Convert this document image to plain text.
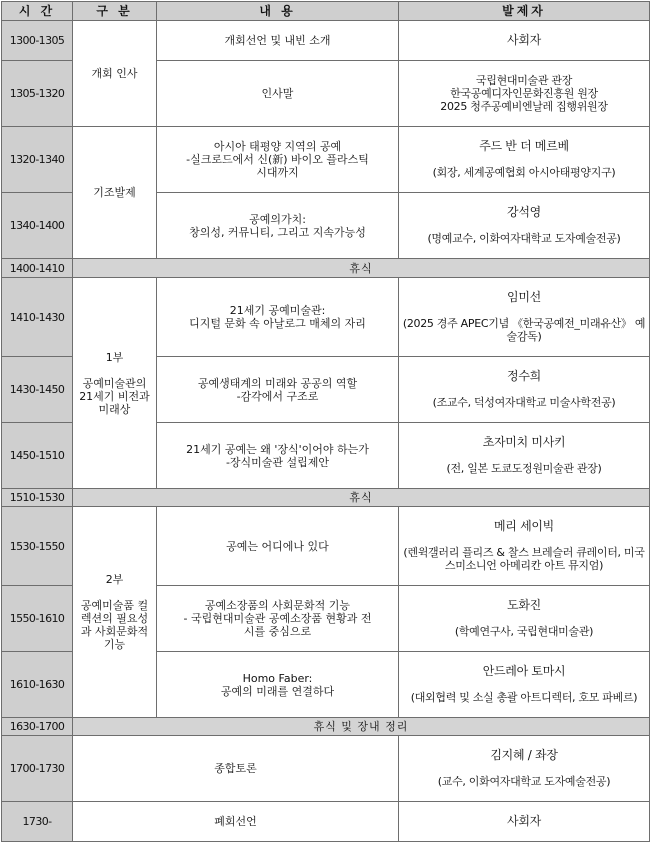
시 간	구 분	내 용	발제자
1300-1305	개회 인사	개회선언 및 내빈 소개	사회자

1305-1320		인사말	국립현대미술관 관장
한국공예디자인문화진흥원 원장
2025 청주공예비엔날레 집행위원장

1320-1340	기조발제	아시아 태평양 지역의 공예
-실크로드에서 신(新) 바이오 플라스틱
시대까지	주드 반 더 메르베

(회장, 세계공예협회 아시아태평양지구)

1340-1400		공예의가치:
창의성, 커뮤니티, 그리고 지속가능성	강석영

(명예교수, 이화여자대학교 도자예술전공)

1400-1410	휴식		
1410-1430	1부

공예미술관의
21세기 비전과
미래상	21세기 공예미술관:
디지털 문화 속 아날로그 매체의 자리	임미선

(2025 경주 APEC기념 《한국공예전_미래유산》 예술감독)

1430-1450		공예생태계의 미래와 공공의 역할
-감각에서 구조로	정수희

(조교수, 덕성여자대학교 미술사학전공)

1450-1510		21세기 공예는 왜 '장식'이어야 하는가
-장식미술관 설립제안	초자미치 미사키

(전, 일본 도쿄도정원미술관 관장)

1510-1530	휴식		
1530-1550	2부

공예미술품 컬
렉션의 필요성
과 사회문화적
기능	공예는 어디에나 있다	메리 세이빅

(렌윅갤러리 플리즈 & 찰스 브레슬러 큐레이터, 미국 스미소니언 아메리칸 아트 뮤지엄)

1550-1610		공예소장품의 사회문화적 기능
- 국립현대미술관 공예소장품 현황과 전
시를 중심으로	도화진

(학예연구사, 국립현대미술관)

1610-1630		Homo Faber:
공예의 미래를 연결하다	안드레아 토마시

(대외협력 및 소실 총괄 아트디렉터, 호모 파베르)

1630-1700	휴식 및 장내 정리		
1700-1730	종합토론		김지혜 / 좌장

(교수, 이화여자대학교 도자예술전공)

1730-	폐회선언		사회자
